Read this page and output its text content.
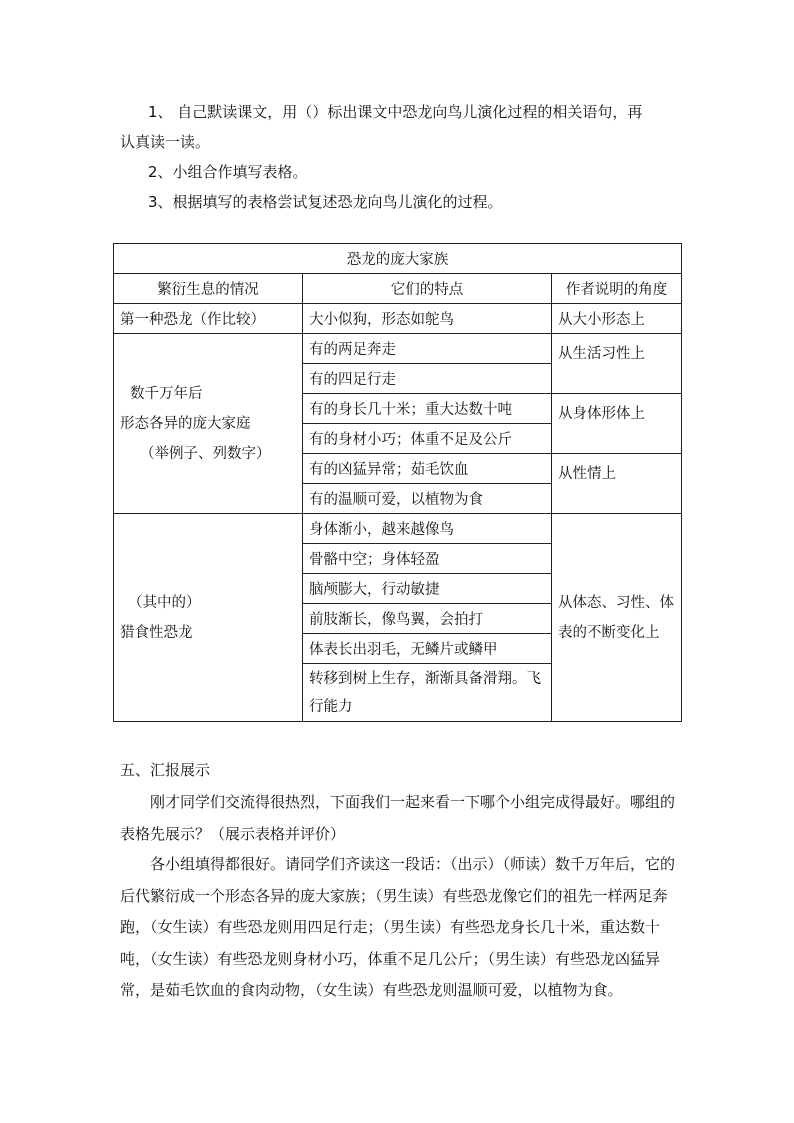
1、 自己默读课文，用（）标出课文中恐龙向鸟儿演化过程的相关语句，再
认真读一读。
2、小组合作填写表格。
3、根据填写的表格尝试复述恐龙向鸟儿演化的过程。
恐龙的庞大家族		
繁衍生息的情况	它们的特点	作者说明的角度
第一种恐龙（作比较）	大小似狗，形态如鸵鸟	从大小形态上

数千万年后
形态各异的庞大家庭
（举例子、列数字）	有的两足奔走	从生活习性上
	有的四足行走	
	有的身长几十米；重大达数十吨	从身体形体上
	有的身材小巧；体重不足及公斤	
	有的凶猛异常；茹毛饮血	从性情上
	有的温顺可爱，以植物为食	

（其中的）
猎食性恐龙	身体渐小，越来越像鸟	从体态、习性、体表的不断变化上
	骨骼中空；身体轻盈	
	脑颅膨大，行动敏捷	
	前肢渐长，像鸟翼，会拍打	
	体表长出羽毛，无鳞片或鳞甲	
	转移到树上生存，渐渐具备滑翔。飞行能力	
五、汇报展示
刚才同学们交流得很热烈，下面我们一起来看一下哪个小组完成得最好。哪组的表格先展示？（展示表格并评价）
各小组填得都很好。请同学们齐读这一段话：（出示）（师读）数千万年后，它的后代繁衍成一个形态各异的庞大家族；（男生读）有些恐龙像它们的祖先一样两足奔跑，（女生读）有些恐龙则用四足行走；（男生读）有些恐龙身长几十米，重达数十吨，（女生读）有些恐龙则身材小巧，体重不足几公斤；（男生读）有些恐龙凶猛异常，是茹毛饮血的食肉动物，（女生读）有些恐龙则温顺可爱，以植物为食。
